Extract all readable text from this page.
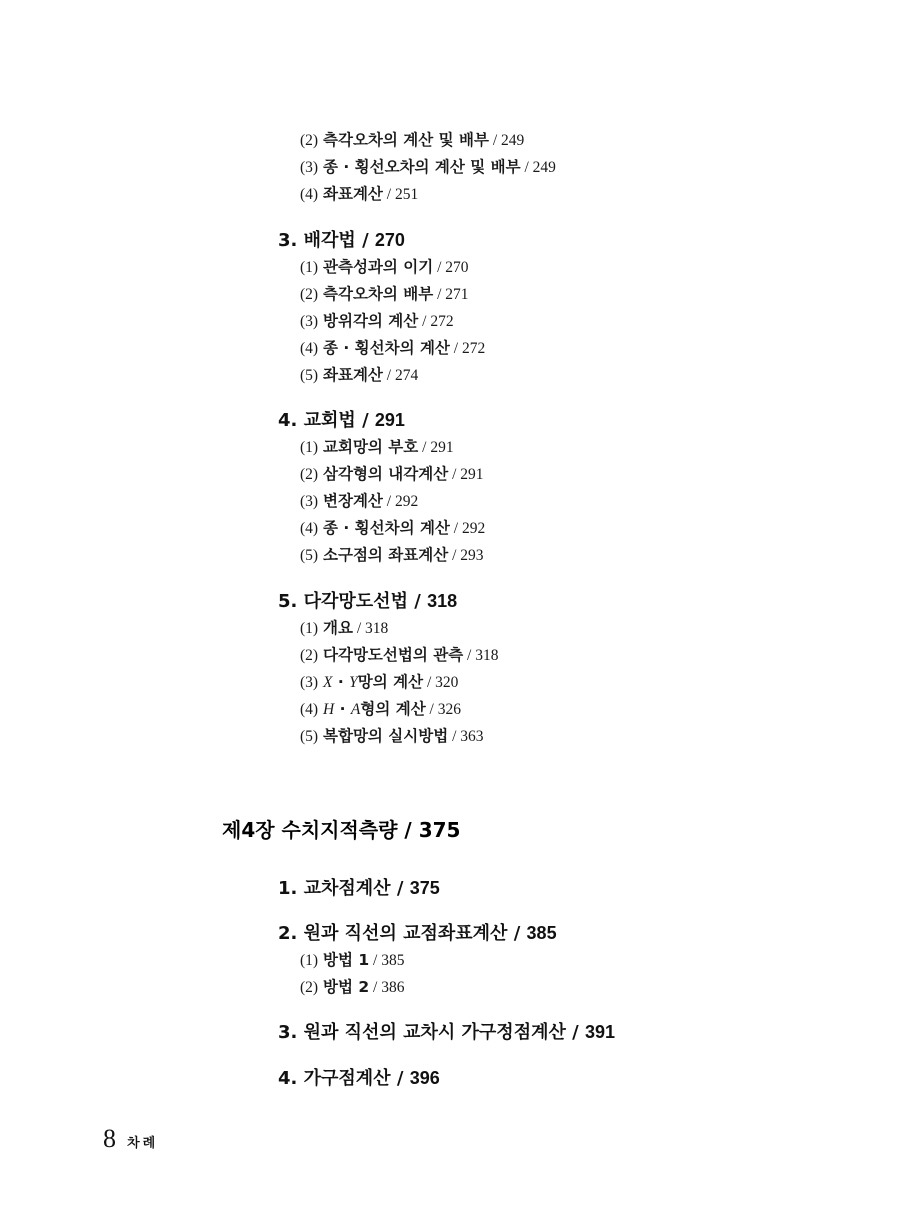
(2) 측각오차의 계산 및 배부 / 249
(3) 종 · 횡선오차의 계산 및 배부 / 249
(4) 좌표계산 / 251
3. 배각법 / 270
(1) 관측성과의 이기 / 270
(2) 측각오차의 배부 / 271
(3) 방위각의 계산 / 272
(4) 종 · 횡선차의 계산 / 272
(5) 좌표계산 / 274
4. 교회법 / 291
(1) 교회망의 부호 / 291
(2) 삼각형의 내각계산 / 291
(3) 변장계산 / 292
(4) 종 · 횡선차의 계산 / 292
(5) 소구점의 좌표계산 / 293
5. 다각망도선법 / 318
(1) 개요 / 318
(2) 다각망도선법의 관측 / 318
(3) X · Y망의 계산 / 320
(4) H · A형의 계산 / 326
(5) 복합망의 실시방법 / 363
제4장 수치지적측량 / 375
1. 교차점계산 / 375
2. 원과 직선의 교점좌표계산 / 385
(1) 방법 1 / 385
(2) 방법 2 / 386
3. 원과 직선의 교차시 가구정점계산 / 391
4. 가구점계산 / 396
8 차례
